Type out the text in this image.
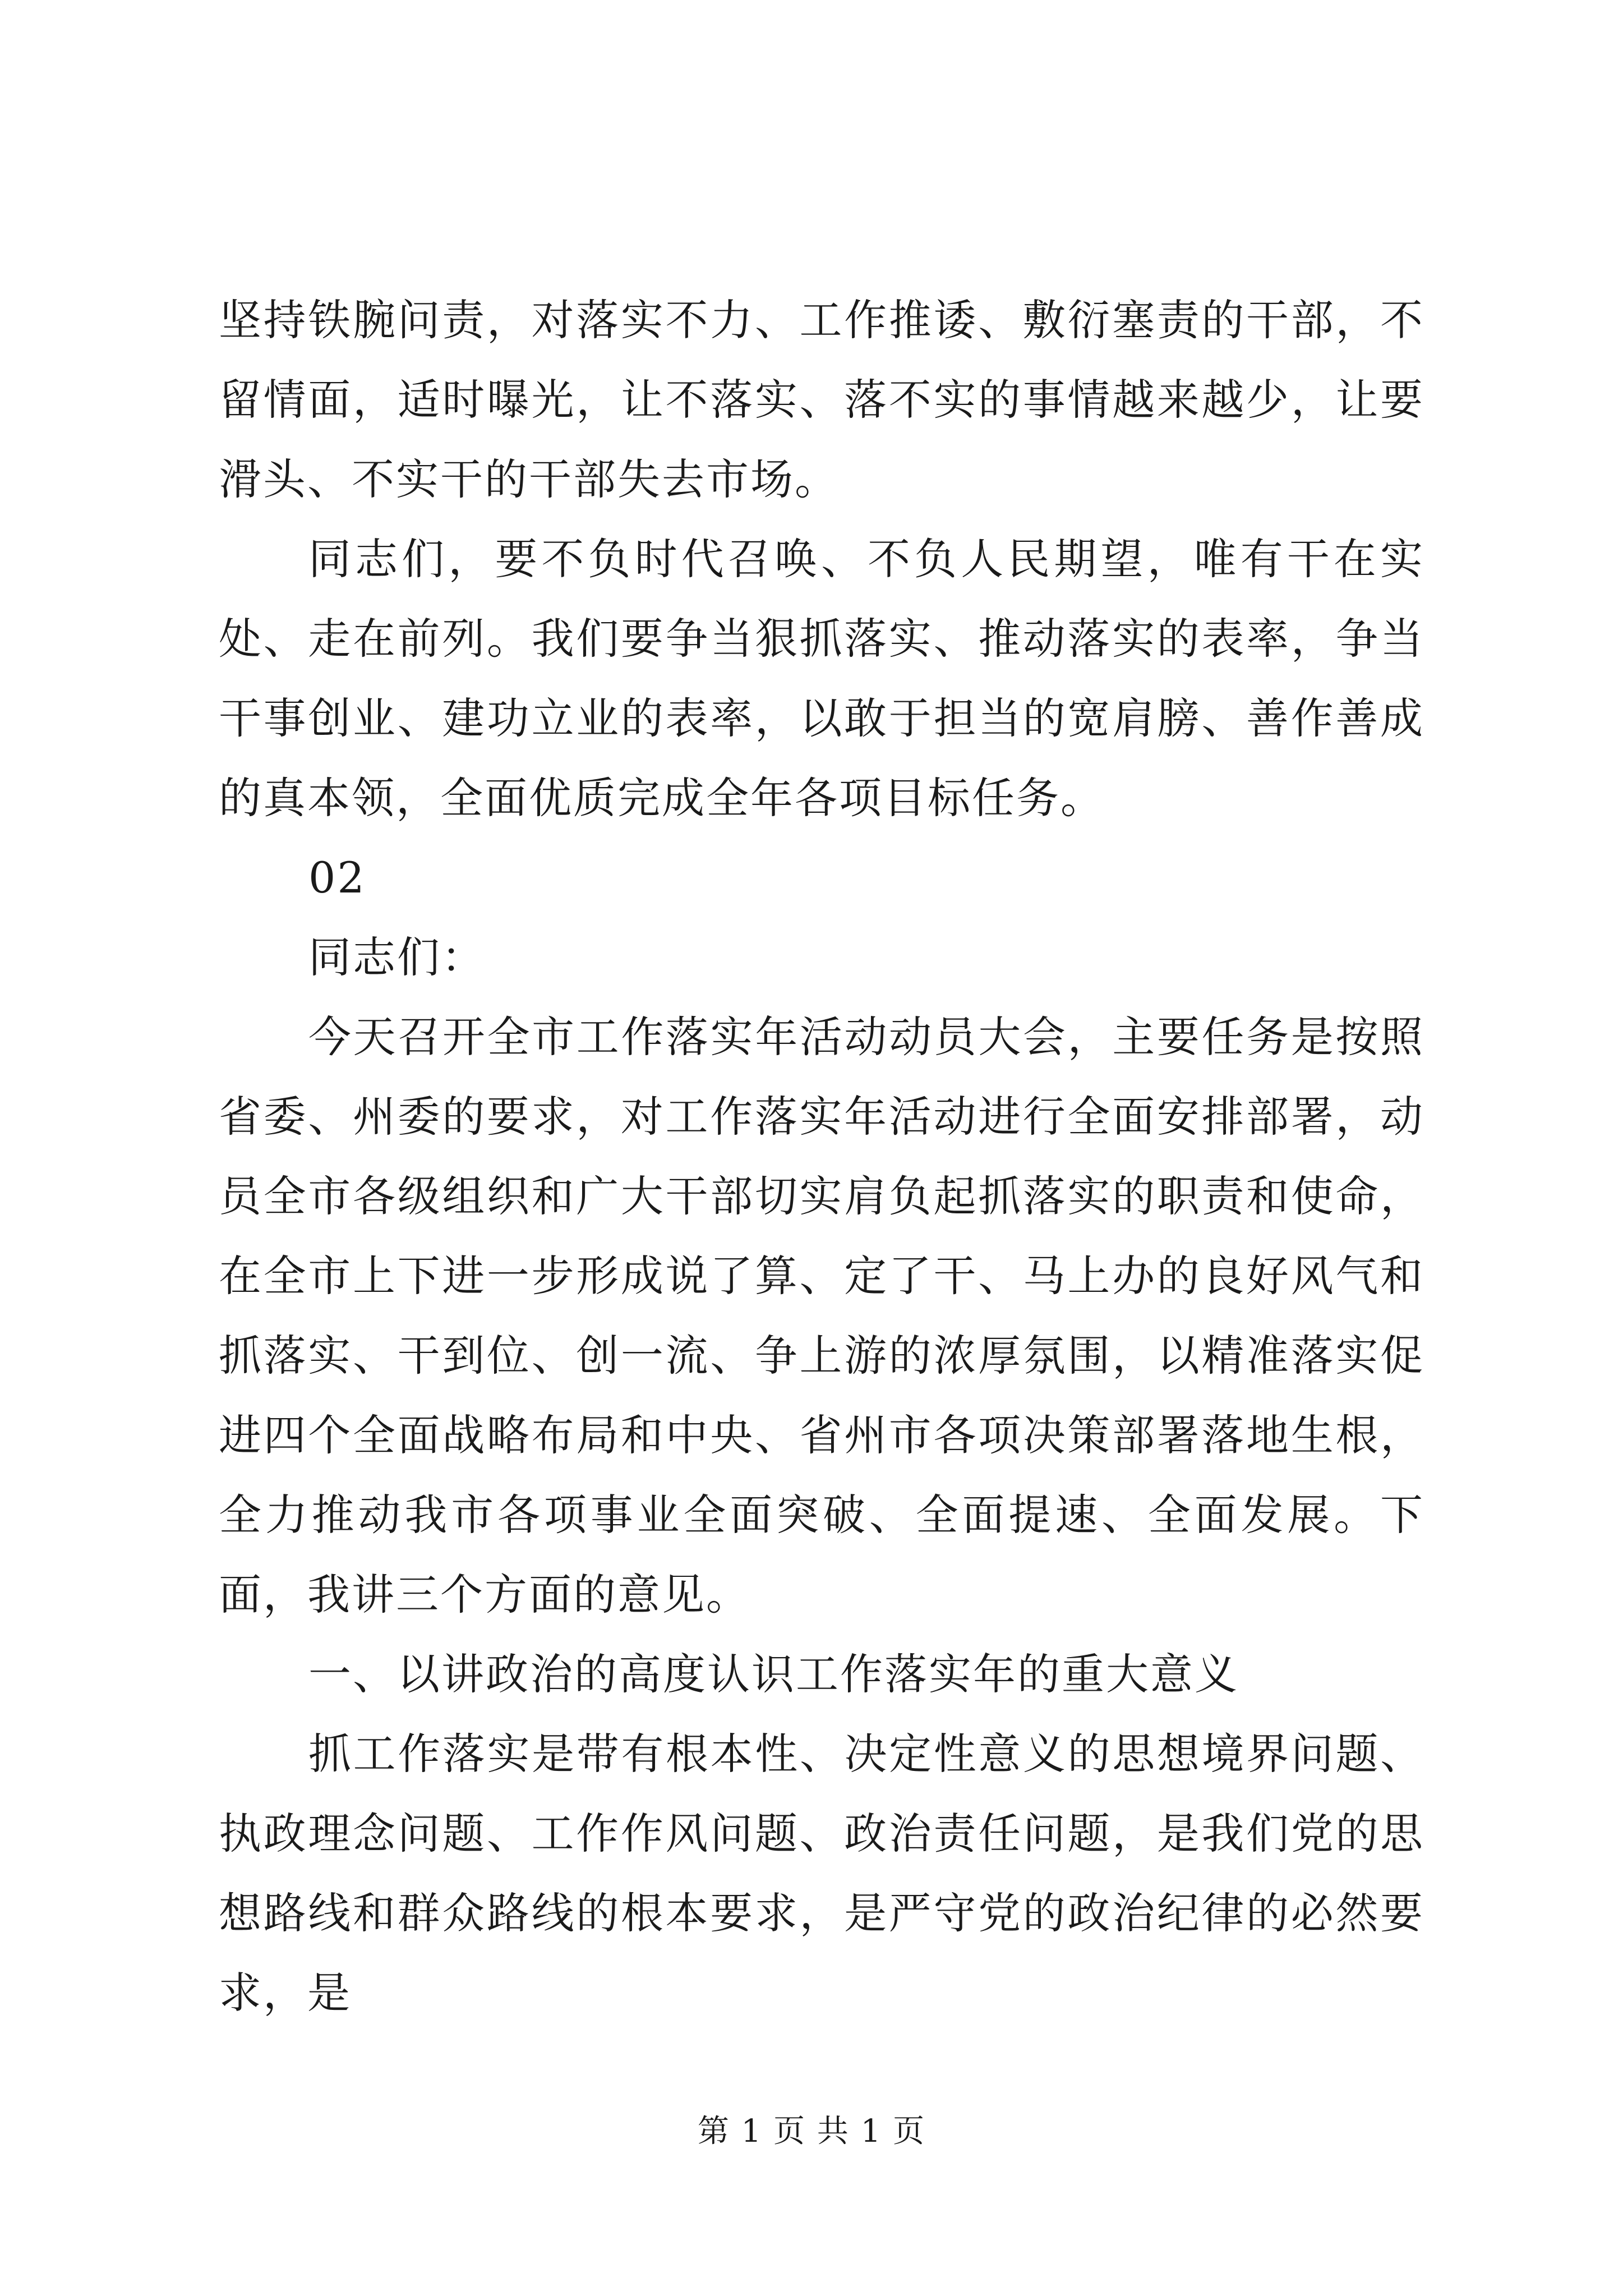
坚持铁腕问责，对落实不力、工作推诿、敷衍塞责的干部，不留情面，适时曝光，让不落实、落不实的事情越来越少，让要滑头、不实干的干部失去市场。

同志们，要不负时代召唤、不负人民期望，唯有干在实处、走在前列。我们要争当狠抓落实、推动落实的表率，争当干事创业、建功立业的表率，以敢于担当的宽肩膀、善作善成的真本领，全面优质完成全年各项目标任务。

02

同志们：

今天召开全市工作落实年活动动员大会，主要任务是按照省委、州委的要求，对工作落实年活动进行全面安排部署，动员全市各级组织和广大干部切实肩负起抓落实的职责和使命，在全市上下进一步形成说了算、定了干、马上办的良好风气和抓落实、干到位、创一流、争上游的浓厚氛围，以精准落实促进四个全面战略布局和中央、省州市各项决策部署落地生根，全力推动我市各项事业全面突破、全面提速、全面发展。下面，我讲三个方面的意见。

一、以讲政治的高度认识工作落实年的重大意义

抓工作落实是带有根本性、决定性意义的思想境界问题、执政理念问题、工作作风问题、政治责任问题，是我们党的思想路线和群众路线的根本要求，是严守党的政治纪律的必然要求，是

第 1 页 共 1 页
